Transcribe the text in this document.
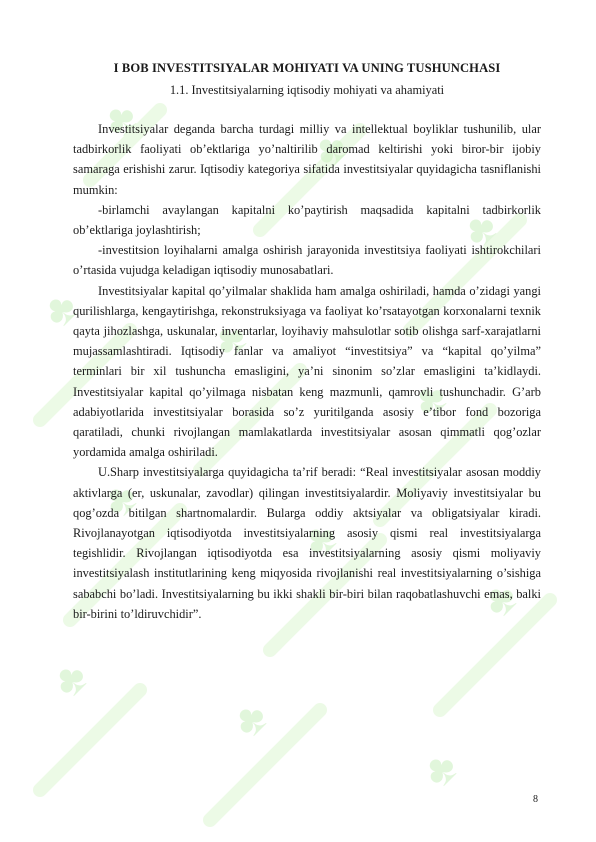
♣
♣
♣
♣
♣
♣
♣
♣
♣
♣
♣
♣
I BOB INVESTITSIYALAR MOHIYATI VA UNING TUSHUNCHASI
1.1. Investitsiyalarning iqtisodiy mohiyati va ahamiyati

Investitsiyalar deganda barcha turdagi milliy va intellektual boyliklar tushunilib, ular tadbirkorlik faoliyati ob’ektlariga yo’naltirilib daromad keltirishi yoki biror-bir ijobiy samaraga erishishi zarur. Iqtisodiy kategoriya sifatida investitsiyalar quyidagicha tasniflanishi mumkin:

-birlamchi avaylangan kapitalni ko’paytirish maqsadida kapitalni tadbirkorlik ob’ektlariga joylashtirish;

-investitsion loyihalarni amalga oshirish jarayonida investitsiya faoliyati ishtirokchilari o’rtasida vujudga keladigan iqtisodiy munosabatlari.

Investitsiyalar kapital qo’yilmalar shaklida ham amalga oshiriladi, hamda o’zidagi yangi qurilishlarga, kengaytirishga, rekonstruksiyaga va faoliyat ko’rsatayotgan korxonalarni texnik qayta jihozlashga, uskunalar, inventarlar, loyihaviy mahsulotlar sotib olishga sarf-xarajatlarni mujassamlashtiradi. Iqtisodiy fanlar va amaliyot “investitsiya” va “kapital qo’yilma” terminlari bir xil tushuncha emasligini, ya’ni sinonim so’zlar emasligini ta’kidlaydi. Investitsiyalar kapital qo’yilmaga nisbatan keng mazmunli, qamrovli tushunchadir. G’arb adabiyotlarida investitsiyalar borasida so’z yuritilganda asosiy e’tibor fond bozoriga qaratiladi, chunki rivojlangan mamlakatlarda investitsiyalar asosan qimmatli qog’ozlar yordamida amalga oshiriladi.

U.Sharp investitsiyalarga quyidagicha ta’rif beradi: “Real investitsiyalar asosan moddiy aktivlarga (er, uskunalar, zavodlar) qilingan investitsiyalardir. Moliyaviy investitsiyalar bu qog’ozda bitilgan shartnomalardir. Bularga oddiy aktsiyalar va obligatsiyalar kiradi. Rivojlanayotgan iqtisodiyotda investitsiyalarning asosiy qismi real investitsiyalarga tegishlidir. Rivojlangan iqtisodiyotda esa investitsiyalarning asosiy qismi moliyaviy investitsiyalash institutlarining keng miqyosida rivojlanishi real investitsiyalarning o’sishiga sababchi bo’ladi. Investitsiyalarning bu ikki shakli bir-biri bilan raqobatlashuvchi emas, balki bir-birini to’ldiruvchidir”.

8
